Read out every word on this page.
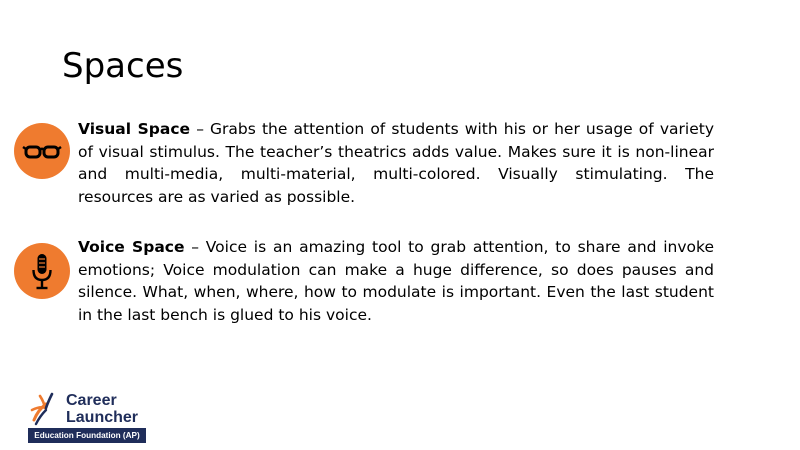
Spaces
Visual Space – Grabs the attention of students with his or her usage of variety of visual stimulus. The teacher’s theatrics adds value. Makes sure it is non-linear and multi-media, multi-material, multi-colored. Visually stimulating. The resources are as varied as possible.
Voice Space – Voice is an amazing tool to grab attention, to share and invoke emotions; Voice modulation can make a huge difference, so does pauses and silence. What, when, where, how to modulate is important. Even the last student in the last bench is glued to his voice.
Career
Launcher
Education Foundation (AP)
